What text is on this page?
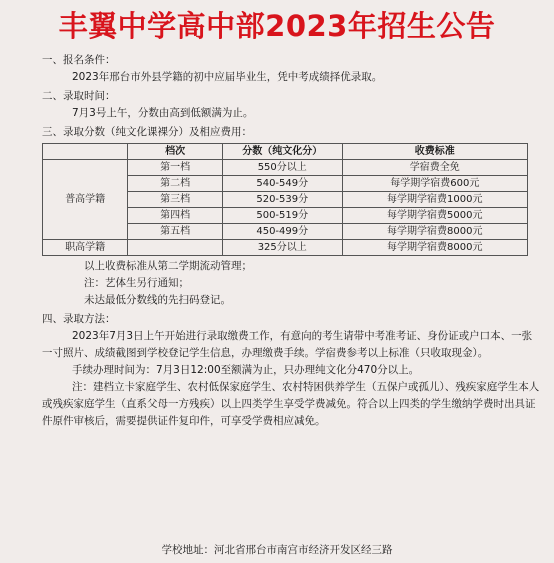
丰翼中学高中部2023年招生公告
一、报名条件：
2023年邢台市外县学籍的初中应届毕业生，凭中考成绩择优录取。
二、录取时间：
7月3号上午，分数由高到低额满为止。
三、录取分数（纯文化课裸分）及相应费用：
	档次	分数（纯文化分）	收费标准
普高学籍	第一档	550分以上	学宿费全免
	第二档	540-549分	每学期学宿费600元
	第三档	520-539分	每学期学宿费1000元
	第四档	500-519分	每学期学宿费5000元
	第五档	450-499分	每学期学宿费8000元
职高学籍		325分以上	每学期学宿费8000元
以上收费标准从第二学期流动管理；
注：艺体生另行通知；
未达最低分数线的先扫码登记。
四、录取方法：
2023年7月3日上午开始进行录取缴费工作，有意向的考生请带中考准考证、身份证或户口本、一张一寸照片、成绩截图到学校登记学生信息，办理缴费手续。学宿费参考以上标准（只收取现金）。
手续办理时间为：7月3日12:00至额满为止，只办理纯文化分470分以上。
注：建档立卡家庭学生、农村低保家庭学生、农村特困供养学生（五保户或孤儿）、残疾家庭学生本人或残疾家庭学生（直系父母一方残疾）以上四类学生享受学费减免。符合以上四类的学生缴纳学费时出具证件原件审核后，需要提供证件复印件，可享受学费相应减免。
学校地址：河北省邢台市南宫市经济开发区经三路
